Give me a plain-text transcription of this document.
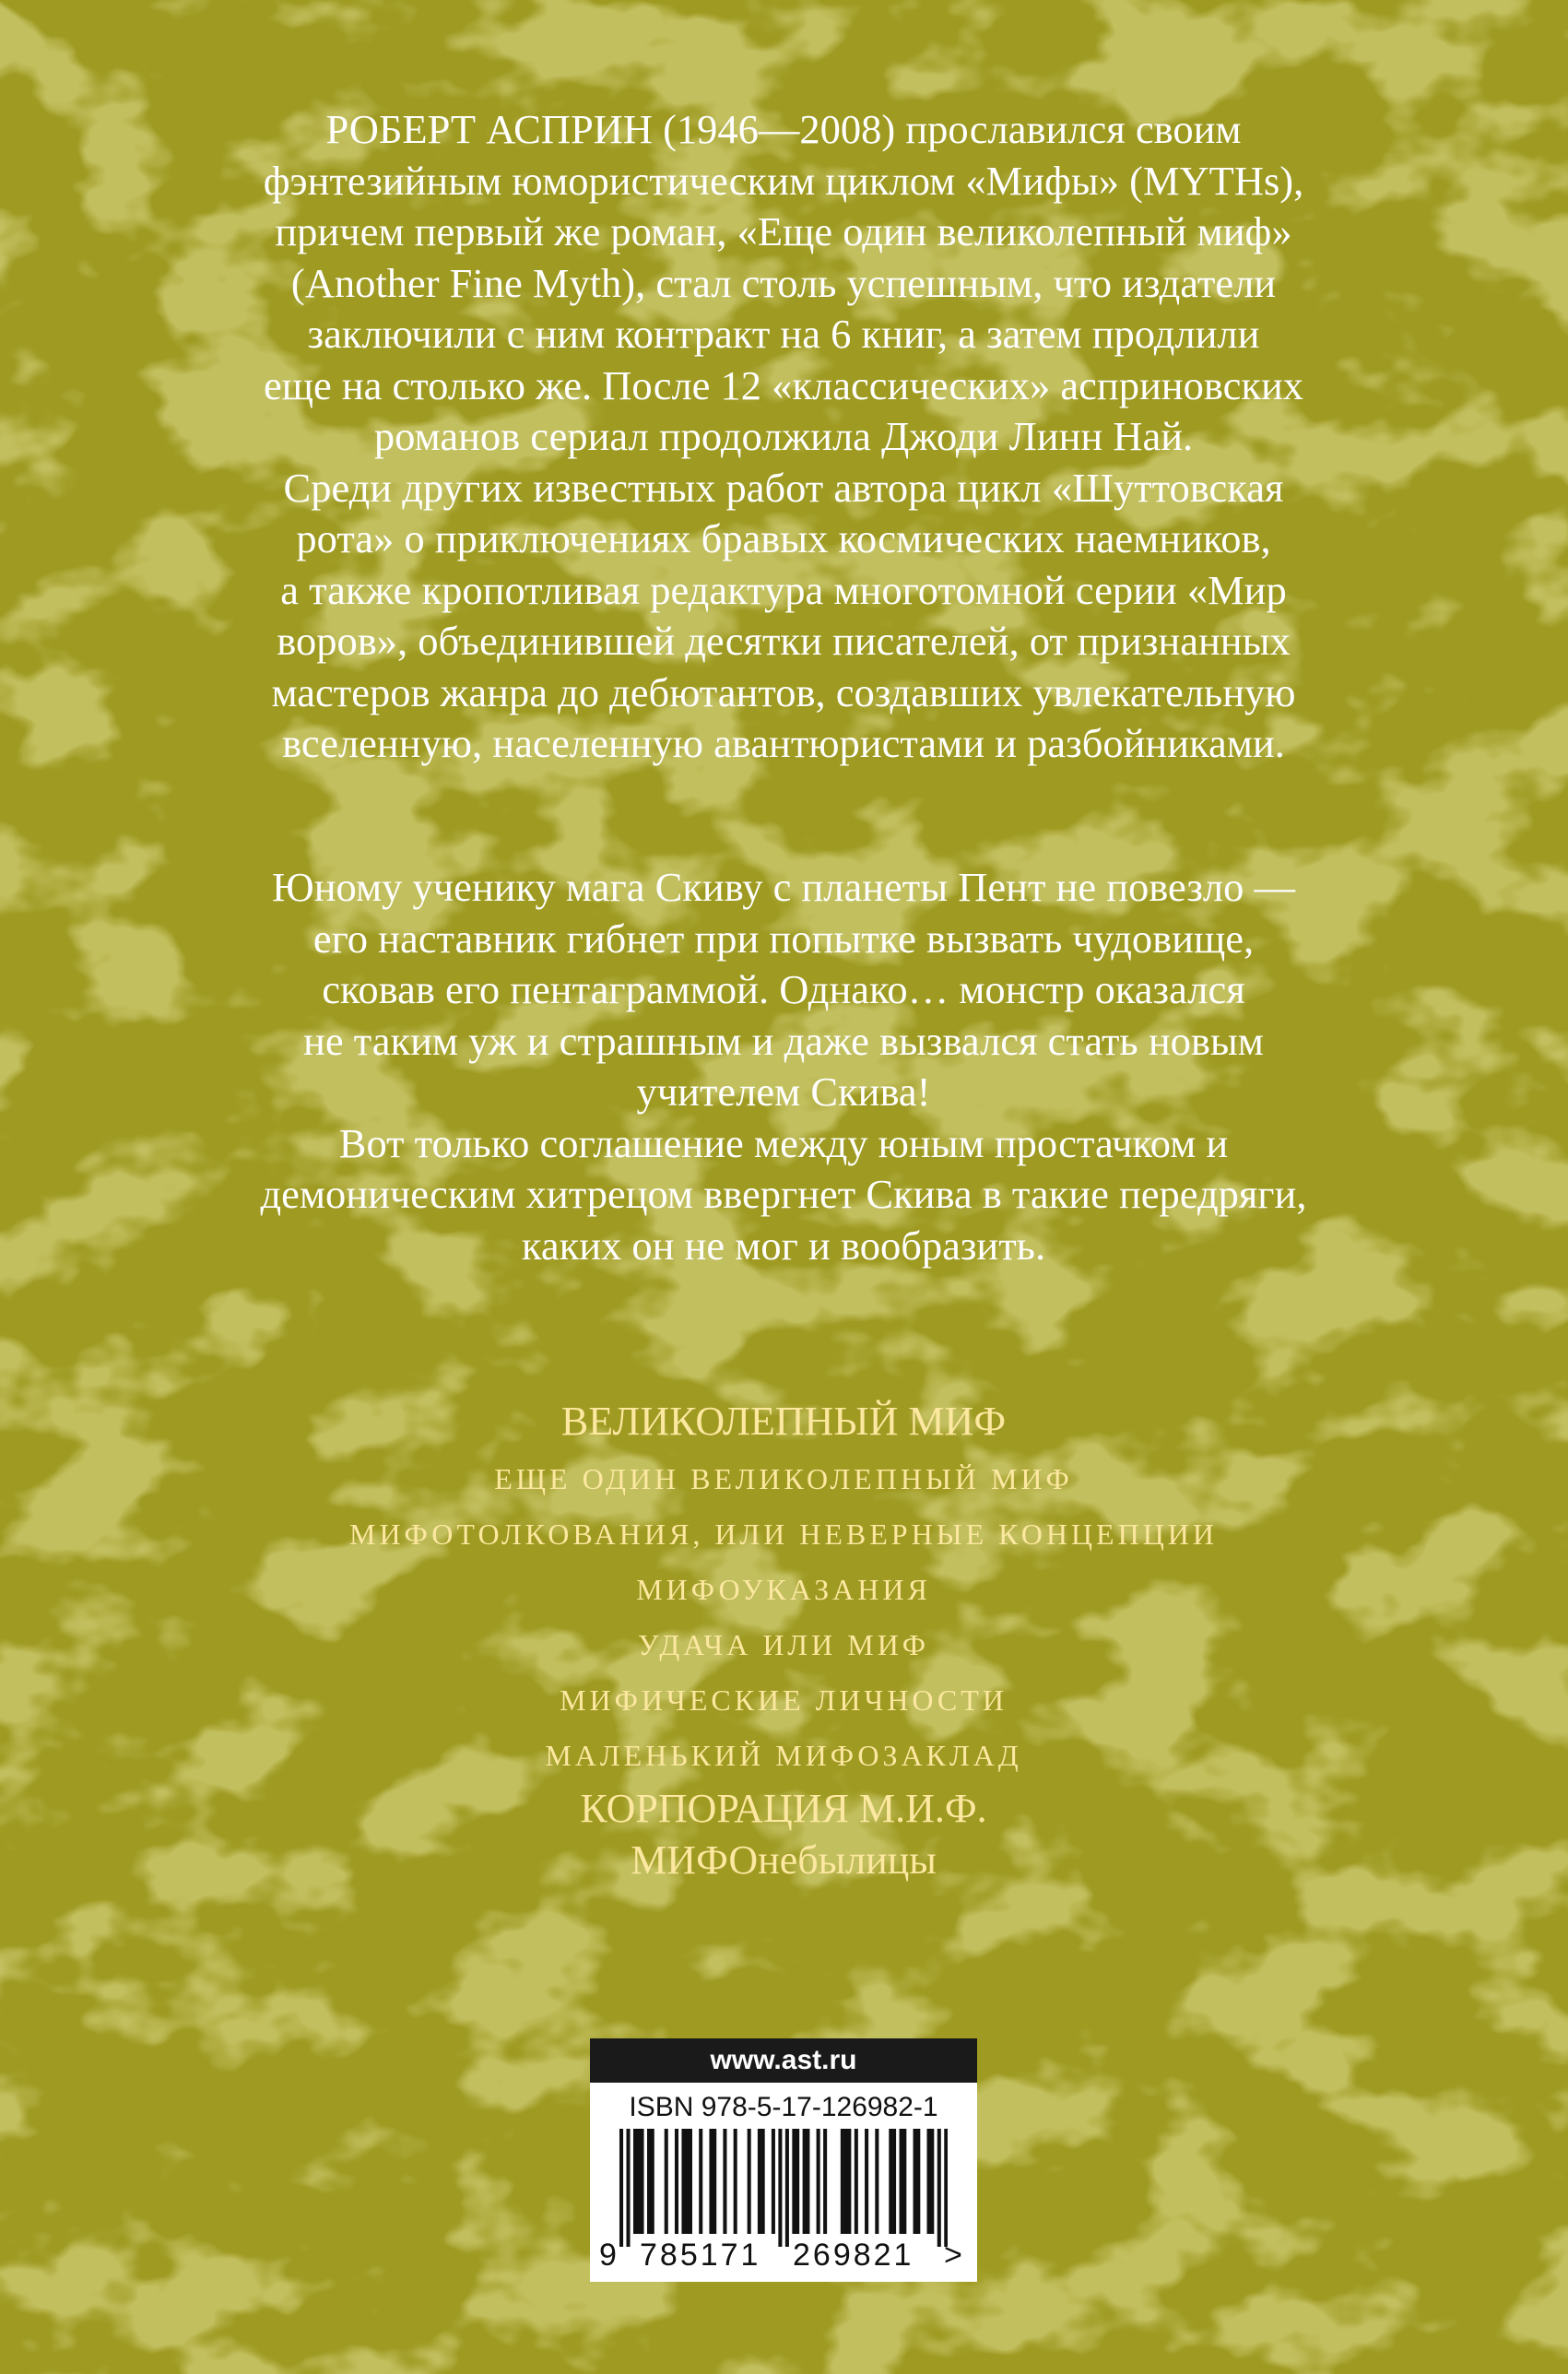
РОБЕРТ АСПРИН (1946—2008) прославился своим
фэнтезийным юмористическим циклом «Мифы» (MYTHs),
причем первый же роман, «Еще один великолепный миф»
(Another Fine Myth), стал столь успешным, что издатели
заключили с ним контракт на 6 книг, а затем продлили
еще на столько же. После 12 «классических» асприновских
романов сериал продолжила Джоди Линн Най.
Среди других известных работ автора цикл «Шуттовская
рота» о приключениях бравых космических наемников,
а также кропотливая редактура многотомной серии «Мир
воров», объединившей десятки писателей, от признанных
мастеров жанра до дебютантов, создавших увлекательную
вселенную, населенную авантюристами и разбойниками.
Юному ученику мага Скиву с планеты Пент не повезло —
его наставник гибнет при попытке вызвать чудовище,
сковав его пентаграммой. Однако… монстр оказался
не таким уж и страшным и даже вызвался стать новым
учителем Скива!
Вот только соглашение между юным простачком и
демоническим хитрецом ввергнет Скива в такие передряги,
каких он не мог и вообразить.
ВЕЛИКОЛЕПНЫЙ МИФ
ЕЩЕ ОДИН ВЕЛИКОЛЕПНЫЙ МИФ
МИФОТОЛКОВАНИЯ, ИЛИ НЕВЕРНЫЕ КОНЦЕПЦИИ
МИФОУКАЗАНИЯ
УДАЧА ИЛИ МИФ
МИФИЧЕСКИЕ ЛИЧНОСТИ
МАЛЕНЬКИЙ МИФОЗАКЛАД
КОРПОРАЦИЯ М.И.Ф.
МИФОнебылицы
www.ast.ru
ISBN 978-5-17-126982-1
9 785171 269821 >
